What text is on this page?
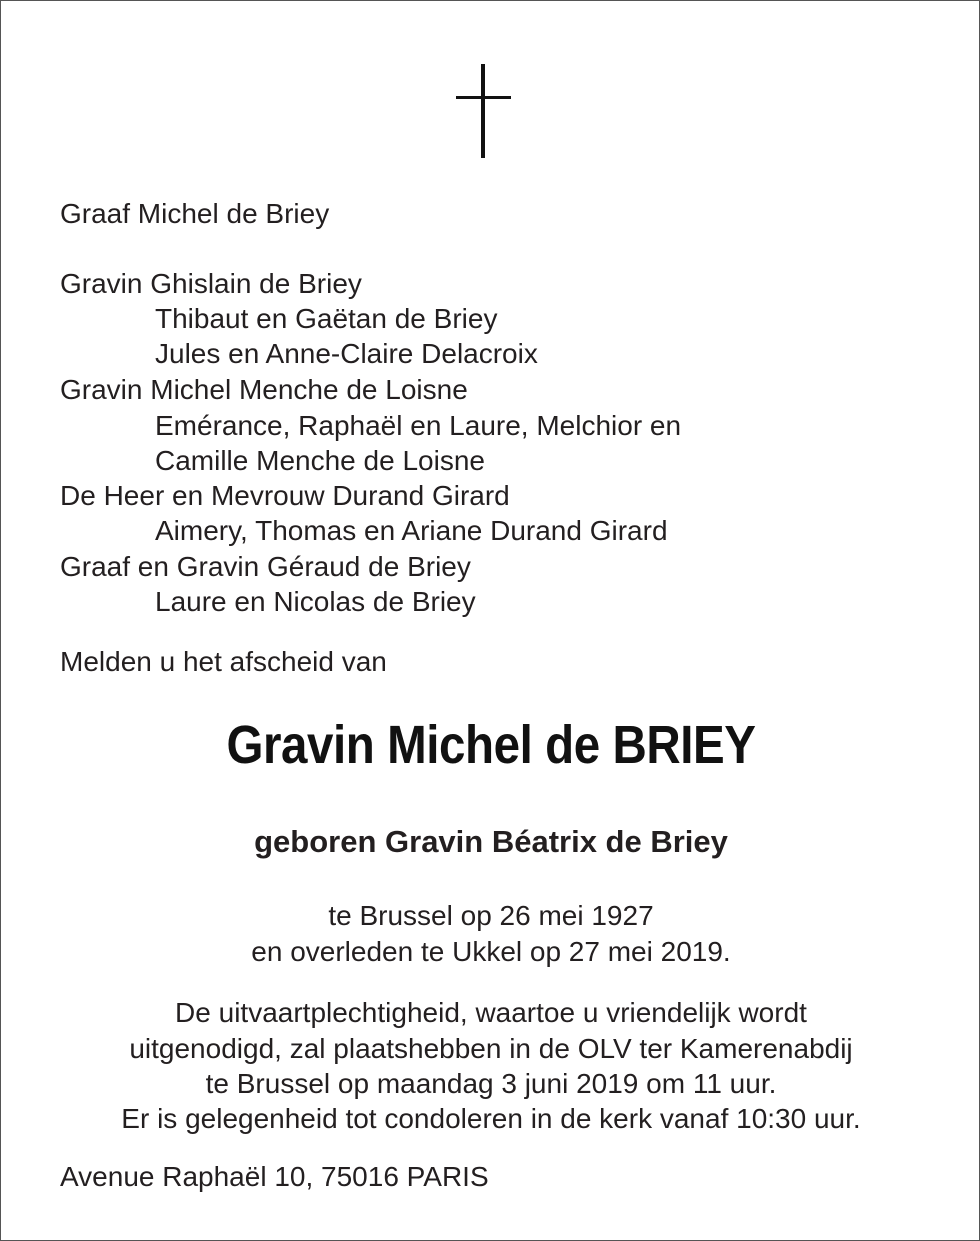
Graaf Michel de Briey

Gravin Ghislain de Briey

Thibaut en Gaëtan de Briey

Jules en Anne-Claire Delacroix

Gravin Michel Menche de Loisne

Emérance, Raphaël en Laure, Melchior en

Camille Menche de Loisne

De Heer en Mevrouw Durand Girard

Aimery, Thomas en Ariane Durand Girard

Graaf en Gravin Géraud de Briey

Laure en Nicolas de Briey

Melden u het afscheid van

Gravin Michel de BRIEY
geboren Gravin Béatrix de Briey

te Brussel op 26 mei 1927

en overleden te Ukkel op 27 mei 2019.

De uitvaartplechtigheid, waartoe u vriendelijk wordt

uitgenodigd, zal plaatshebben in de OLV ter Kamerenabdij

te Brussel op maandag 3 juni 2019 om 11 uur.

Er is gelegenheid tot condoleren in de kerk vanaf 10:30 uur.

Avenue Raphaël 10, 75016 PARIS
